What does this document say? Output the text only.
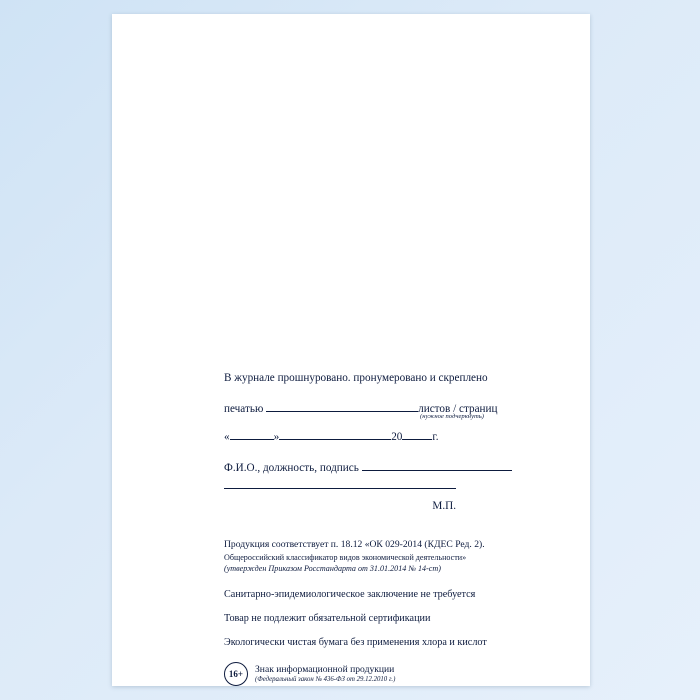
В журнале прошнуровано. пронумеровано и скреплено
печатью	листов / страниц
(нужное подчеркнуть)
«	»	20	г.
Ф.И.О., должность, подпись
М.П.
Продукция соответствует п. 18.12 «ОК 029-2014 (КДЕС Ред. 2).
Общероссийский классификатор видов экономической деятельности»
(утвержден Приказом Росстандарта от 31.01.2014 № 14-ст)
Санитарно-эпидемиологическое заключение не требуется
Товар не подлежит обязательной сертификации
Экологически чистая бумага без применения хлора и кислот
16+	Знак информационной продукции
(Федеральный закон № 436-ФЗ от 29.12.2010 г.)
